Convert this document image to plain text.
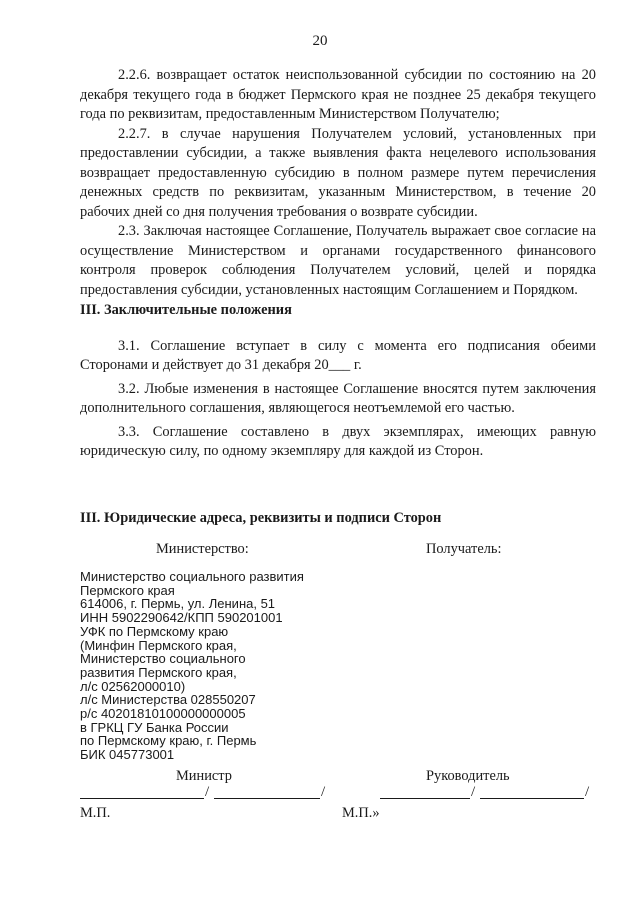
20

2.2.6. возвращает остаток неиспользованной субсидии по состоянию на 20 декабря текущего года в бюджет Пермского края не позднее 25 декабря текущего года по реквизитам, предоставленным Министерством Получателю;

2.2.7. в случае нарушения Получателем условий, установленных при предоставлении субсидии, а также выявления факта нецелевого использования возвращает предоставленную субсидию в полном размере путем перечисления денежных средств по реквизитам, указанным Министерством, в течение 20 рабочих дней со дня получения требования о возврате субсидии.

2.3. Заключая настоящее Соглашение, Получатель выражает свое согласие на осуществление Министерством и органами государственного финансового контроля проверок соблюдения Получателем условий, целей и порядка предоставления субсидии, установленных настоящим Соглашением и Порядком.

III. Заключительные положения

3.1. Соглашение вступает в силу с момента его подписания обеими Сторонами и действует до 31 декабря 20___ г.

3.2. Любые изменения в настоящее Соглашение вносятся путем заключения дополнительного соглашения, являющегося неотъемлемой его частью.

3.3. Соглашение составлено в двух экземплярах, имеющих равную юридическую силу, по одному экземпляру для каждой из Сторон.

III. Юридические адреса, реквизиты и подписи Сторон

Министерство:	Получатель:
Министерство социального развития
Пермского края
614006, г. Пермь, ул. Ленина, 51
ИНН 5902290642/КПП 590201001
УФК по Пермскому краю
(Минфин Пермского края,
Министерство социального
развития Пермского края,
л/с 02562000010)
л/с Министерства 028550207
р/с 40201810100000000005
в ГРКЦ ГУ Банка России
по Пермскому краю, г. Пермь
БИК 045773001
Министр	Руководитель
/	/	/	/
М.П.	М.П.»
